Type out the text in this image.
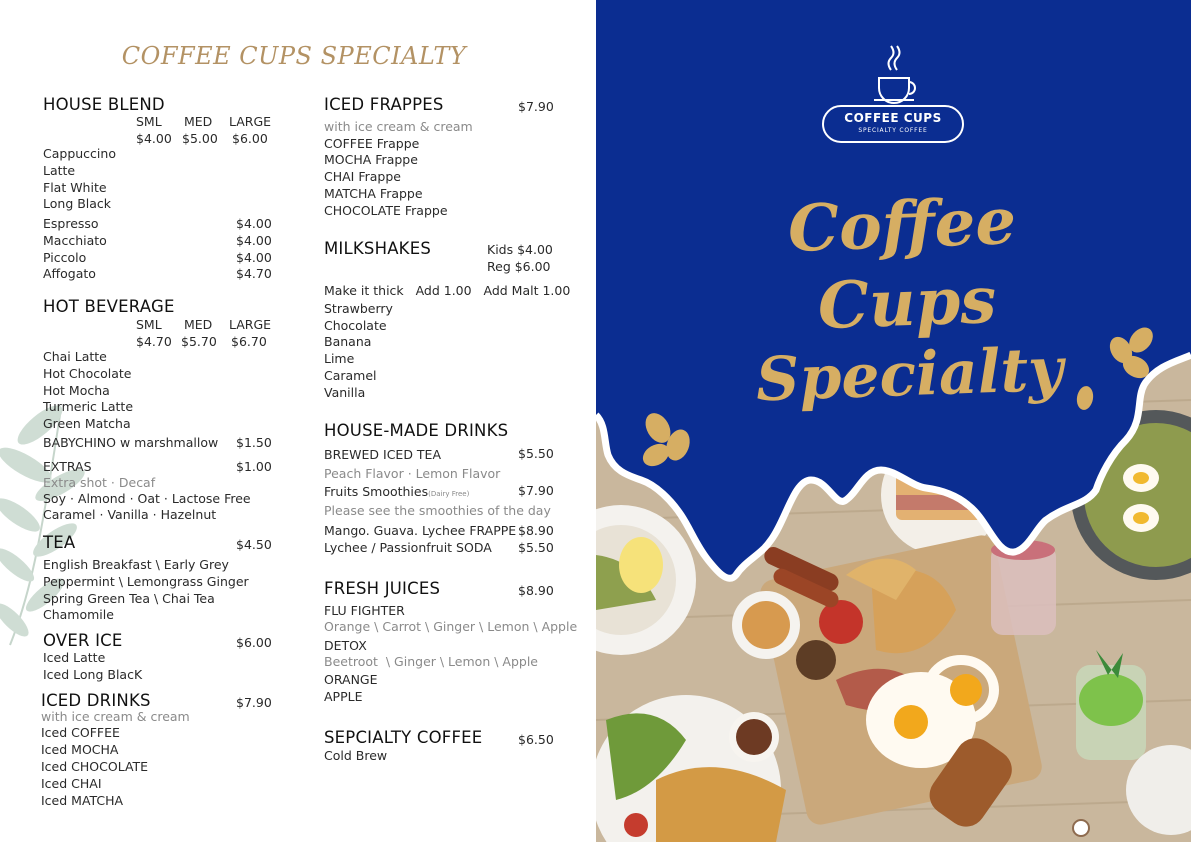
COFFEE CUPS SPECIALTY
HOUSE BLEND
SML MED LARGE
$4.00 $5.00 $6.00
Cappuccino
Latte
Flat White
Long Black
Espresso	$4.00
Macchiato	$4.00
Piccolo	$4.00
Affogato	$4.70
HOT BEVERAGE
SML MED LARGE
$4.70 $5.70 $6.70
Chai Latte
Hot Chocolate
Hot Mocha
Turmeric Latte
Green Matcha
BABYCHINO w marshmallow $1.50
EXTRAS	$1.00
Extra shot · Decaf
Soy · Almond · Oat · Lactose Free
Caramel · Vanilla · Hazelnut
TEA	$4.50
English Breakfast \ Early Grey
Peppermint \ Lemongrass Ginger
Spring Green Tea \ Chai Tea
Chamomile
OVER ICE	$6.00
Iced Latte
Iced Long BlacK
ICED DRINKS	$7.90
with ice cream & cream
Iced COFFEE
Iced MOCHA
Iced CHOCOLATE
Iced CHAI
Iced MATCHA
ICED FRAPPES	$7.90
with ice cream & cream
COFFEE Frappe
MOCHA Frappe
CHAI Frappe
MATCHA Frappe
CHOCOLATE Frappe
MILKSHAKES	Kids $4.00
Reg $6.00
Make it thick   Add 1.00   Add Malt 1.00
Strawberry
Chocolate
Banana
Lime
Caramel
Vanilla
HOUSE-MADE DRINKS
BREWED ICED TEA	$5.50
Peach Flavor · Lemon Flavor
Fruits Smoothies(Dairy Free)	$7.90
Please see the smoothies of the day
Mango. Guava. Lychee FRAPPE $8.90
Lychee / Passionfruit SODA $5.50
FRESH JUICES	$8.90
FLU FIGHTER
Orange \ Carrot \ Ginger \ Lemon \ Apple
DETOX
Beetroot  \ Ginger \ Lemon \ Apple
ORANGE
APPLE
SEPCIALTY COFFEE	$6.50
Cold Brew
COFFEE CUPS
SPECIALTY COFFEE
Coffee
Cups
Specialty
